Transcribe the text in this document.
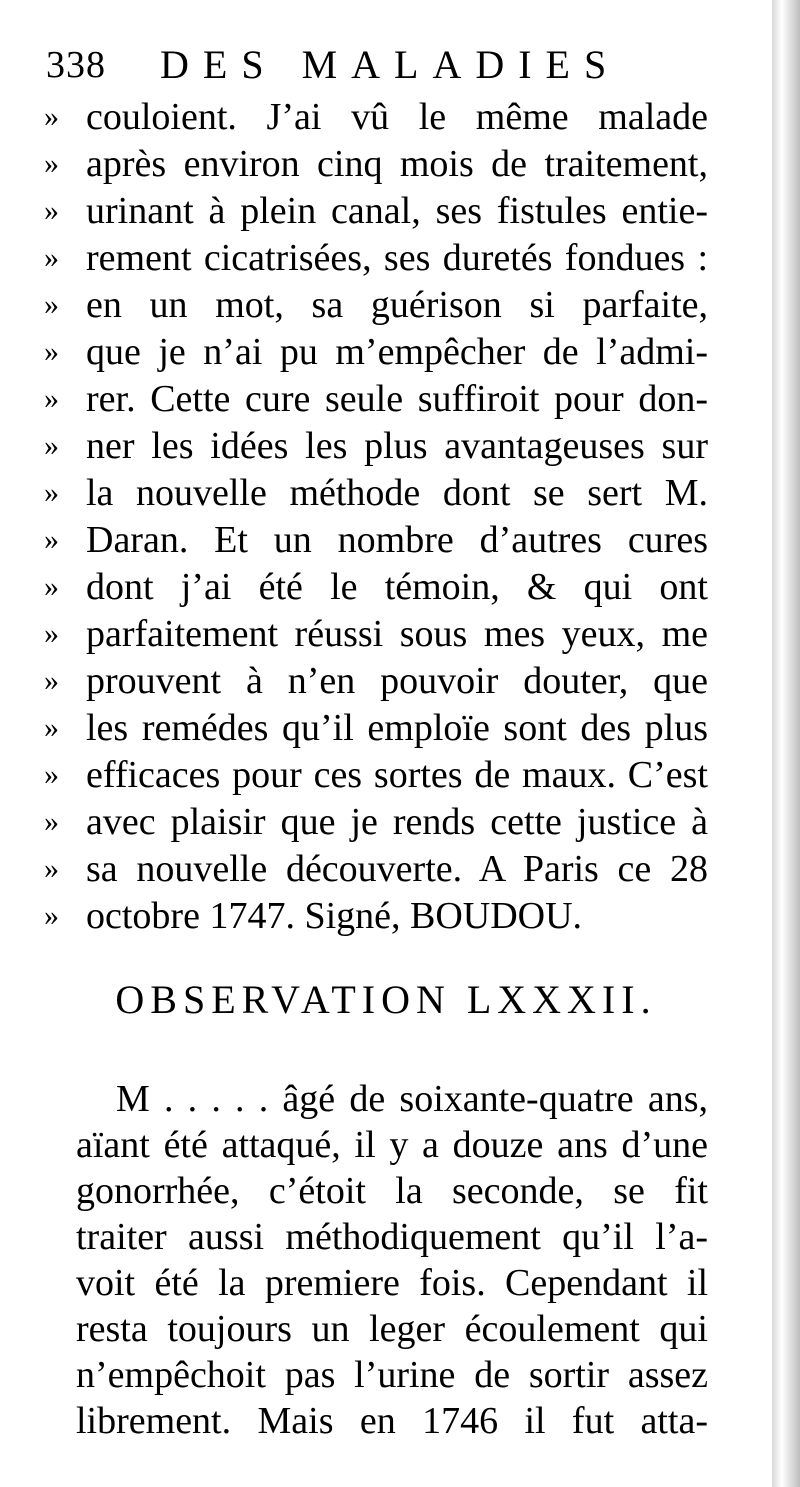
338 DES MALADIES
» couloient. J’ai vû le même malade
» après environ cinq mois de traitement,
» urinant à plein canal, ses fistules entie-
» rement cicatrisées, ses duretés fondues :
» en un mot, sa guérison si parfaite,
» que je n’ai pu m’empêcher de l’admi-
» rer. Cette cure seule suffiroit pour don-
» ner les idées les plus avantageuses sur
» la nouvelle méthode dont se sert M.
» Daran. Et un nombre d’autres cures
» dont j’ai été le témoin, & qui ont
» parfaitement réussi sous mes yeux, me
» prouvent à n’en pouvoir douter, que
» les remédes qu’il emploïe sont des plus
» efficaces pour ces sortes de maux. C’est
» avec plaisir que je rends cette justice à
» sa nouvelle découverte. A Paris ce 28
» octobre 1747. Signé, BOUDOU.
OBSERVATION LXXXII.
M . . . . . âgé de soixante-quatre ans,
aïant été attaqué, il y a douze ans d’une
gonorrhée, c’étoit la seconde, se fit
traiter aussi méthodiquement qu’il l’a-
voit été la premiere fois. Cependant il
resta toujours un leger écoulement qui
n’empêchoit pas l’urine de sortir assez
librement. Mais en 1746 il fut atta-
